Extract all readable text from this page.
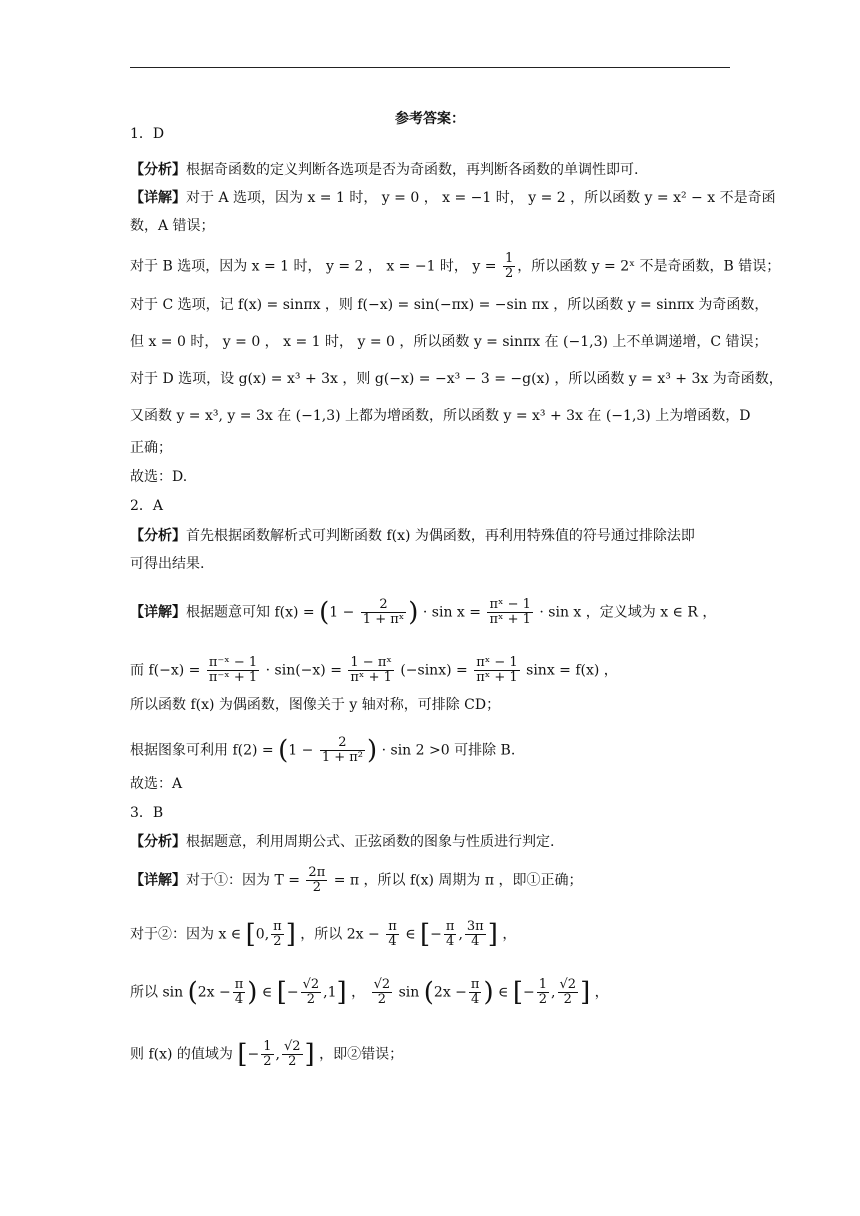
参考答案：
1．D
【分析】根据奇函数的定义判断各选项是否为奇函数，再判断各函数的单调性即可.
【详解】对于 A 选项，因为 x = 1 时， y = 0 ， x = −1 时， y = 2 ，所以函数 y = x² − x 不是奇函
数，A 错误；
对于 B 选项，因为 x = 1 时， y = 2 ， x = −1 时， $y = \frac{1}{2}$ ，所以函数 y = 2ˣ 不是奇函数，B 错误；
对于 C 选项，记 f(x) = sinπx ，则 f(−x) = sin(−πx) = −sin πx ，所以函数 y = sinπx 为奇函数，
但 x = 0 时， y = 0 ， x = 1 时， y = 0 ，所以函数 y = sinπx 在 (−1,3) 上不单调递增，C 错误；
对于 D 选项，设 g(x) = x³ + 3x ，则 g(−x) = −x³ − 3 = −g(x) ，所以函数 y = x³ + 3x 为奇函数，
又函数 y = x³, y = 3x 在 (−1,3) 上都为增函数，所以函数 y = x³ + 3x 在 (−1,3) 上为增函数，D
正确；
故选：D.
2．A
【分析】首先根据函数解析式可判断函数 f(x) 为偶函数，再利用特殊值的符号通过排除法即
可得出结果.
【详解】根据题意可知 $f(x) = (1 - \frac{2}{\text{1 + πˣ}}$ ) · $\sin x = \frac{\text{πˣ − 1}}{\text{πˣ + 1}} \cdot \sin x$ ，定义域为 x ∈ R ，
而 $f(-x) = \frac{\text{π⁻ˣ − 1}}{\text{π⁻ˣ + 1}} \cdot \sin(-x) = \frac{\text{1 − πˣ}}{\text{πˣ + 1}} (-\sin x) = \frac{\text{πˣ − 1}}{\text{πˣ + 1}}$ sinx = f(x) ，
所以函数 f(x) 为偶函数，图像关于 y 轴对称，可排除 CD；
根据图象可利用 $f(2) = (1 - \frac{2}{\text{1 + π²}}$ ) · sin 2 >0 可排除 B.
故选：A
3．B
【分析】根据题意，利用周期公式、正弦函数的图象与性质进行判定.
【详解】对于①：因为 $T = \frac{2\pi}{2} = \pi$ ，所以 f(x) 周期为 π ，即①正确；
对于②：因为 x ∈ [0, $\frac{\pi}{2}$ ] ，所以 $2x - \frac{\pi}{4}$ ∈ [− $\frac{\pi}{4}$ , $\frac{3\pi}{4}$ ] ，
所以 $\sin (2x - \frac{\pi}{4}$ ) ∈ [− $\frac{√2}{2} ,1$] ， $\frac{√2}{2}$ $\sin (2x - \frac{\pi}{4}$ ) ∈ [− $\frac{1}{2}$ , $\frac{√2}{2}$ ] ，
则 f(x) 的值域为 [− $\frac{1}{2}$ , $\frac{√2}{2}$ ] ，即②错误；
